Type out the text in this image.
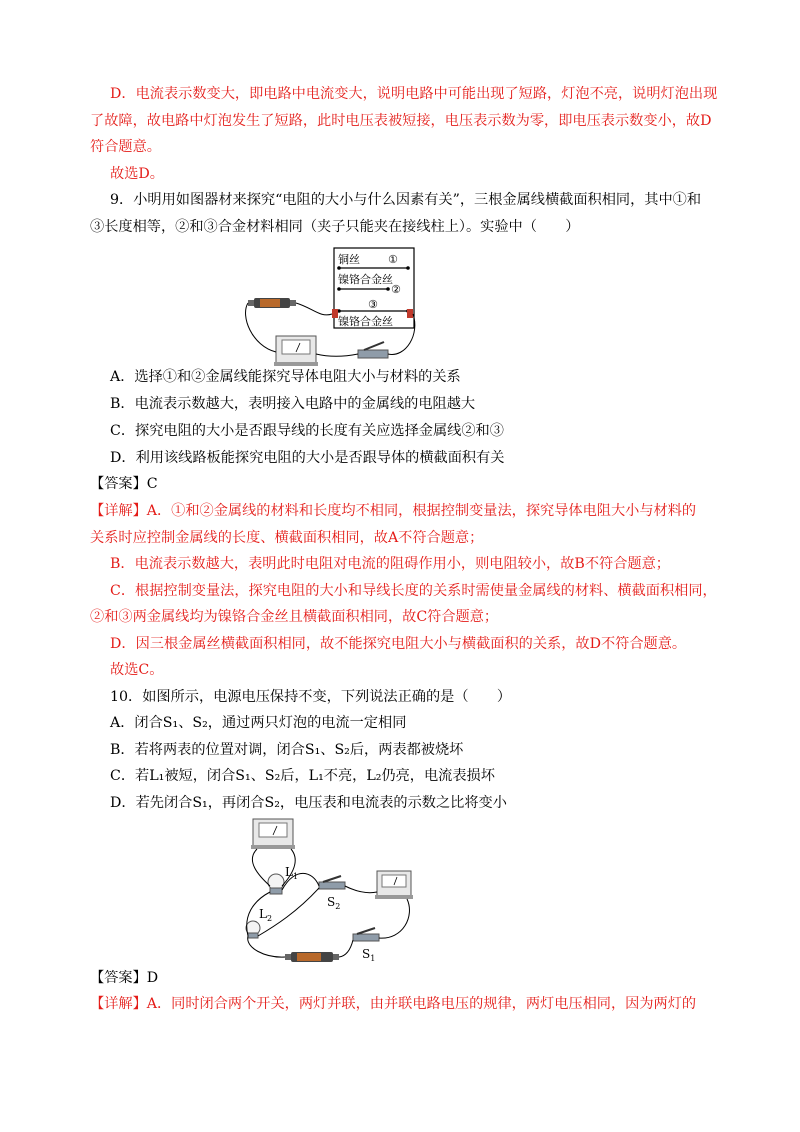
D．电流表示数变大，即电路中电流变大，说明电路中可能出现了短路，灯泡不亮，说明灯泡出现
了故障，故电路中灯泡发生了短路，此时电压表被短接，电压表示数为零，即电压表示数变小，故D
符合题意。
故选D。
9．小明用如图器材来探究“电阻的大小与什么因素有关”，三根金属线横截面积相同，其中①和
③长度相等，②和③合金材料相同（夹子只能夹在接线柱上）。实验中（　　）
A．选择①和②金属线能探究导体电阻大小与材料的关系
B．电流表示数越大，表明接入电路中的金属线的电阻越大
C．探究电阻的大小是否跟导线的长度有关应选择金属线②和③
D．利用该线路板能探究电阻的大小是否跟导体的横截面积有关
【答案】C
【详解】A．①和②金属线的材料和长度均不相同，根据控制变量法，探究导体电阻大小与材料的
关系时应控制金属线的长度、横截面积相同，故A不符合题意；
B．电流表示数越大，表明此时电阻对电流的阻碍作用小，则电阻较小，故B不符合题意；
C．根据控制变量法，探究电阻的大小和导线长度的关系时需使量金属线的材料、横截面积相同，
②和③两金属线均为镍铬合金丝且横截面积相同，故C符合题意；
D．因三根金属丝横截面积相同，故不能探究电阻大小与横截面积的关系，故D不符合题意。
故选C。
10．如图所示，电源电压保持不变，下列说法正确的是（　　）
A．闭合S₁、S₂，通过两只灯泡的电流一定相同
B．若将两表的位置对调，闭合S₁、S₂后，两表都被烧坏
C．若L₁被短，闭合S₁、S₂后，L₁不亮，L₂仍亮，电流表损坏
D．若先闭合S₁，再闭合S₂，电压表和电流表的示数之比将变小
【答案】D
【详解】A．同时闭合两个开关，两灯并联，由并联电路电压的规律，两灯电压相同，因为两灯的
铜丝	①
镍铬合金丝
②
③
镍铬合金丝
$L_1$
$L_2$
$S_2$
$S_1$
